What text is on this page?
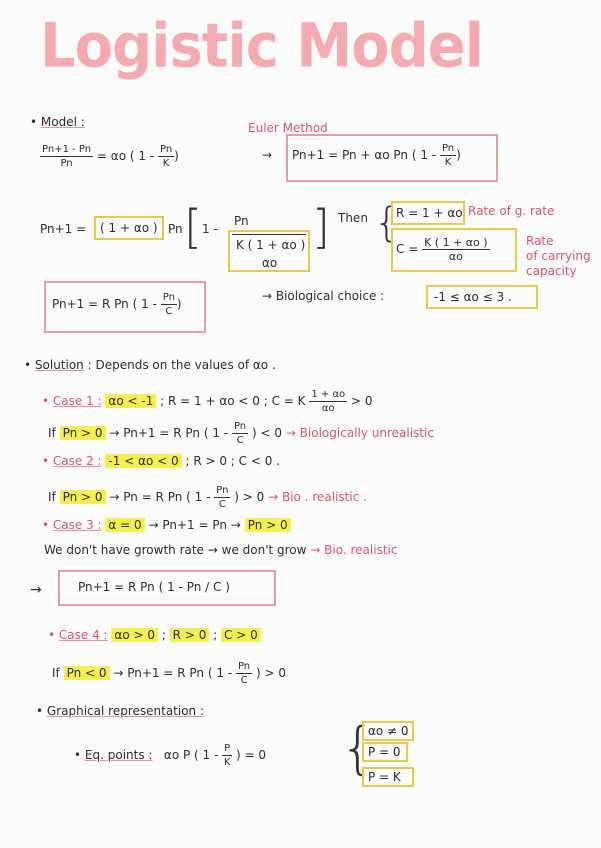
Logistic Model
• Model :
$\frac{Pn+1 - Pn}{Pn} = \alpha o$ ( $1 - \frac{Pn}{K}$ )
Euler Method
→ Pn+1 = Pn + αo Pn ( $1 - \frac{Pn}{K}$ )
Pn+1 = ( 1 + αo ) Pn [ 1 -
Pn
K ( 1 + αo )
αo
] Then {
R = 1 + αo Rate of g. rate
$C = \frac{K ( 1 + \alpha o )}{\alpha o}$	Rate
of carrying
capacity
Pn+1 = R Pn ( $1 - \frac{Pn}{C}$ )
→ Biological choice :	-1 ≤ αo ≤ 3 .
• Solution : Depends on the values of αo .
• Case 1 : αo < -1 ; R = 1 + αo < 0 ; C = K $\frac{1 + \alpha o}{\alpha o} > 0$
If Pn > 0 → Pn+1 = R Pn ( $1 - \frac{Pn}{C}$ ) < 0 → Biologically unrealistic
• Case 2 : -1 < αo < 0 ; R > 0 ; C < 0 .
If Pn > 0 → Pn = R Pn ( $1 - \frac{Pn}{C}$ ) > 0 → Bio . realistic .
• Case 3 : α = 0 → Pn+1 = Pn → Pn > 0
We don't have growth rate → we don't grow → Bio. realistic
→	Pn+1 = R Pn ( 1 - Pn / C )
• Case 4 : αo > 0 ; R > 0 ; C > 0
If Pn < 0 → Pn+1 = R Pn ( $1 - \frac{Pn}{C}$ ) > 0
• Graphical representation :
• Eq. points : αo P ( $1 - \frac{P}{K}$ ) = 0 {
αo ≠ 0
P = 0
P = K
